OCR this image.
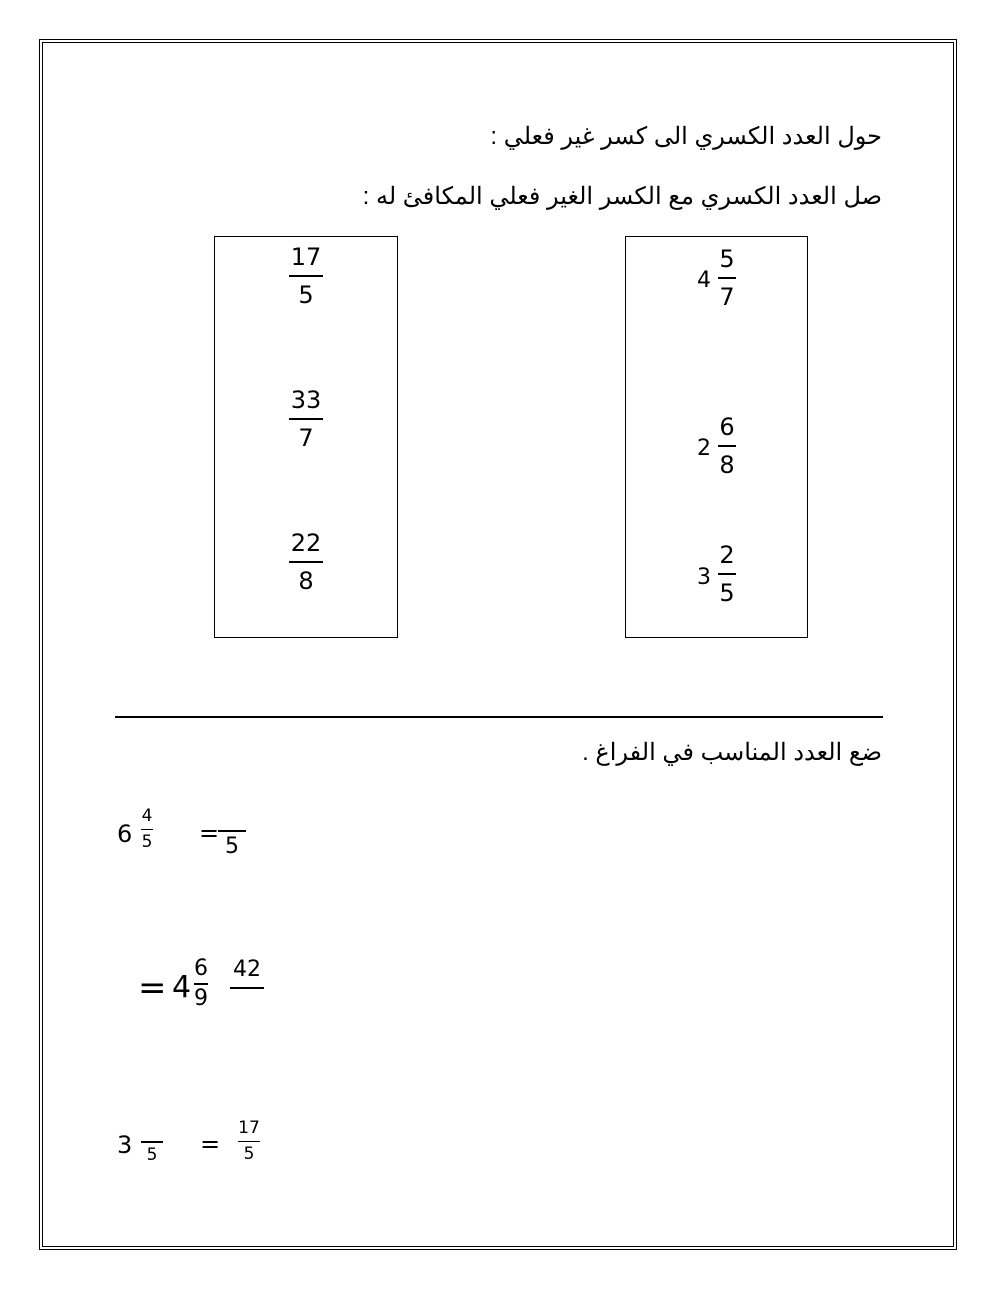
حول العدد الكسري الى كسر غير فعلي :
صل العدد الكسري مع الكسر الغير فعلي المكافئ له :
17
5
33
7
22
8
4
5
7
2
6
8
3
2
5
ضع العدد المناسب في الفراغ .
6
4
5 = 5
= 4
6
9
42
3 5 =
17
5
